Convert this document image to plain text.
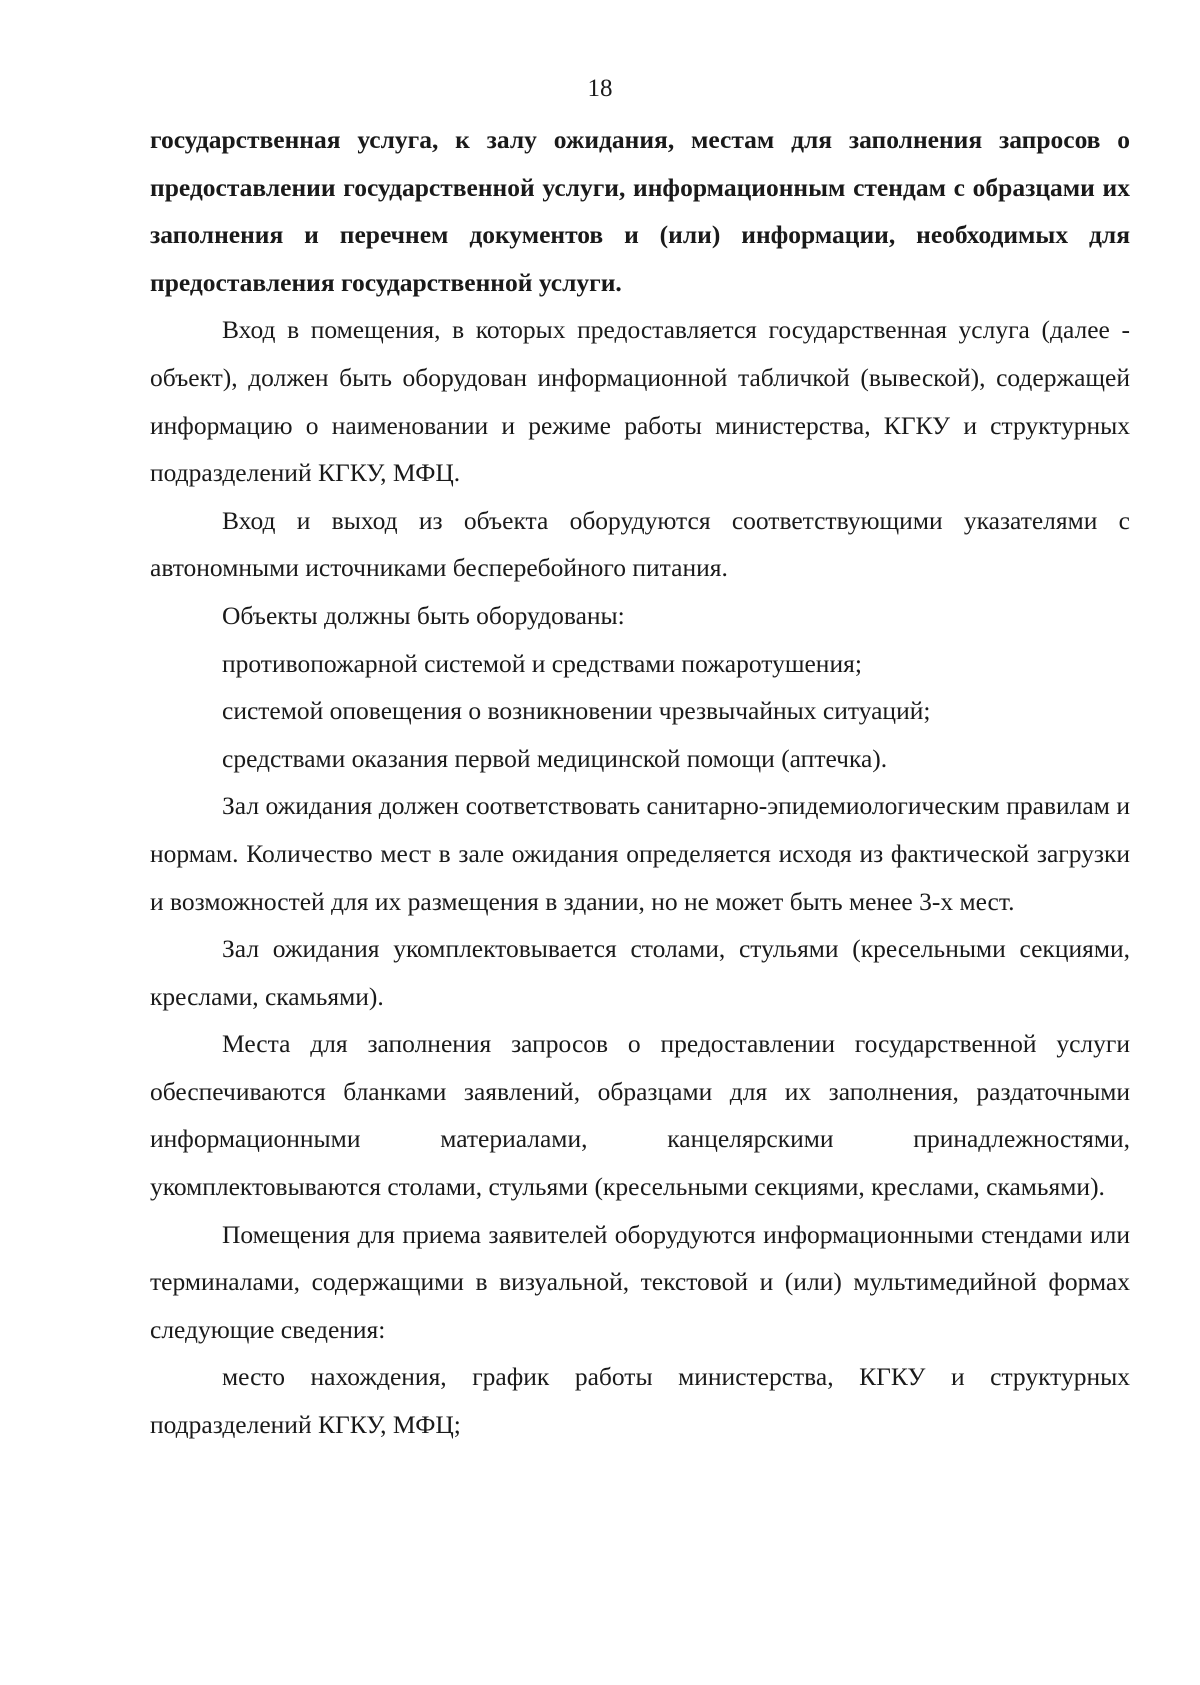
18

государственная услуга, к залу ожидания, местам для заполнения запросов о предоставлении государственной услуги, информационным стендам с образцами их заполнения и перечнем документов и (или) информации, необходимых для предоставления государственной услуги.

Вход в помещения, в которых предоставляется государственная услуга (далее - объект), должен быть оборудован информационной табличкой (вывеской), содержащей информацию о наименовании и режиме работы министерства, КГКУ и структурных подразделений КГКУ, МФЦ.

Вход и выход из объекта оборудуются соответствующими указателями с автономными источниками бесперебойного питания.

Объекты должны быть оборудованы:

противопожарной системой и средствами пожаротушения;

системой оповещения о возникновении чрезвычайных ситуаций;

средствами оказания первой медицинской помощи (аптечка).

Зал ожидания должен соответствовать санитарно-эпидемиологическим правилам и нормам. Количество мест в зале ожидания определяется исходя из фактической загрузки и возможностей для их размещения в здании, но не может быть менее 3-х мест.

Зал ожидания укомплектовывается столами, стульями (кресельными секциями, креслами, скамьями).

Места для заполнения запросов о предоставлении государственной услуги обеспечиваются бланками заявлений, образцами для их заполнения, раздаточными информационными материалами, канцелярскими принадлежностями, укомплектовываются столами, стульями (кресельными секциями, креслами, скамьями).

Помещения для приема заявителей оборудуются информационными стендами или терминалами, содержащими в визуальной, текстовой и (или) мультимедийной формах следующие сведения:

место нахождения, график работы министерства, КГКУ и структурных подразделений КГКУ, МФЦ;
